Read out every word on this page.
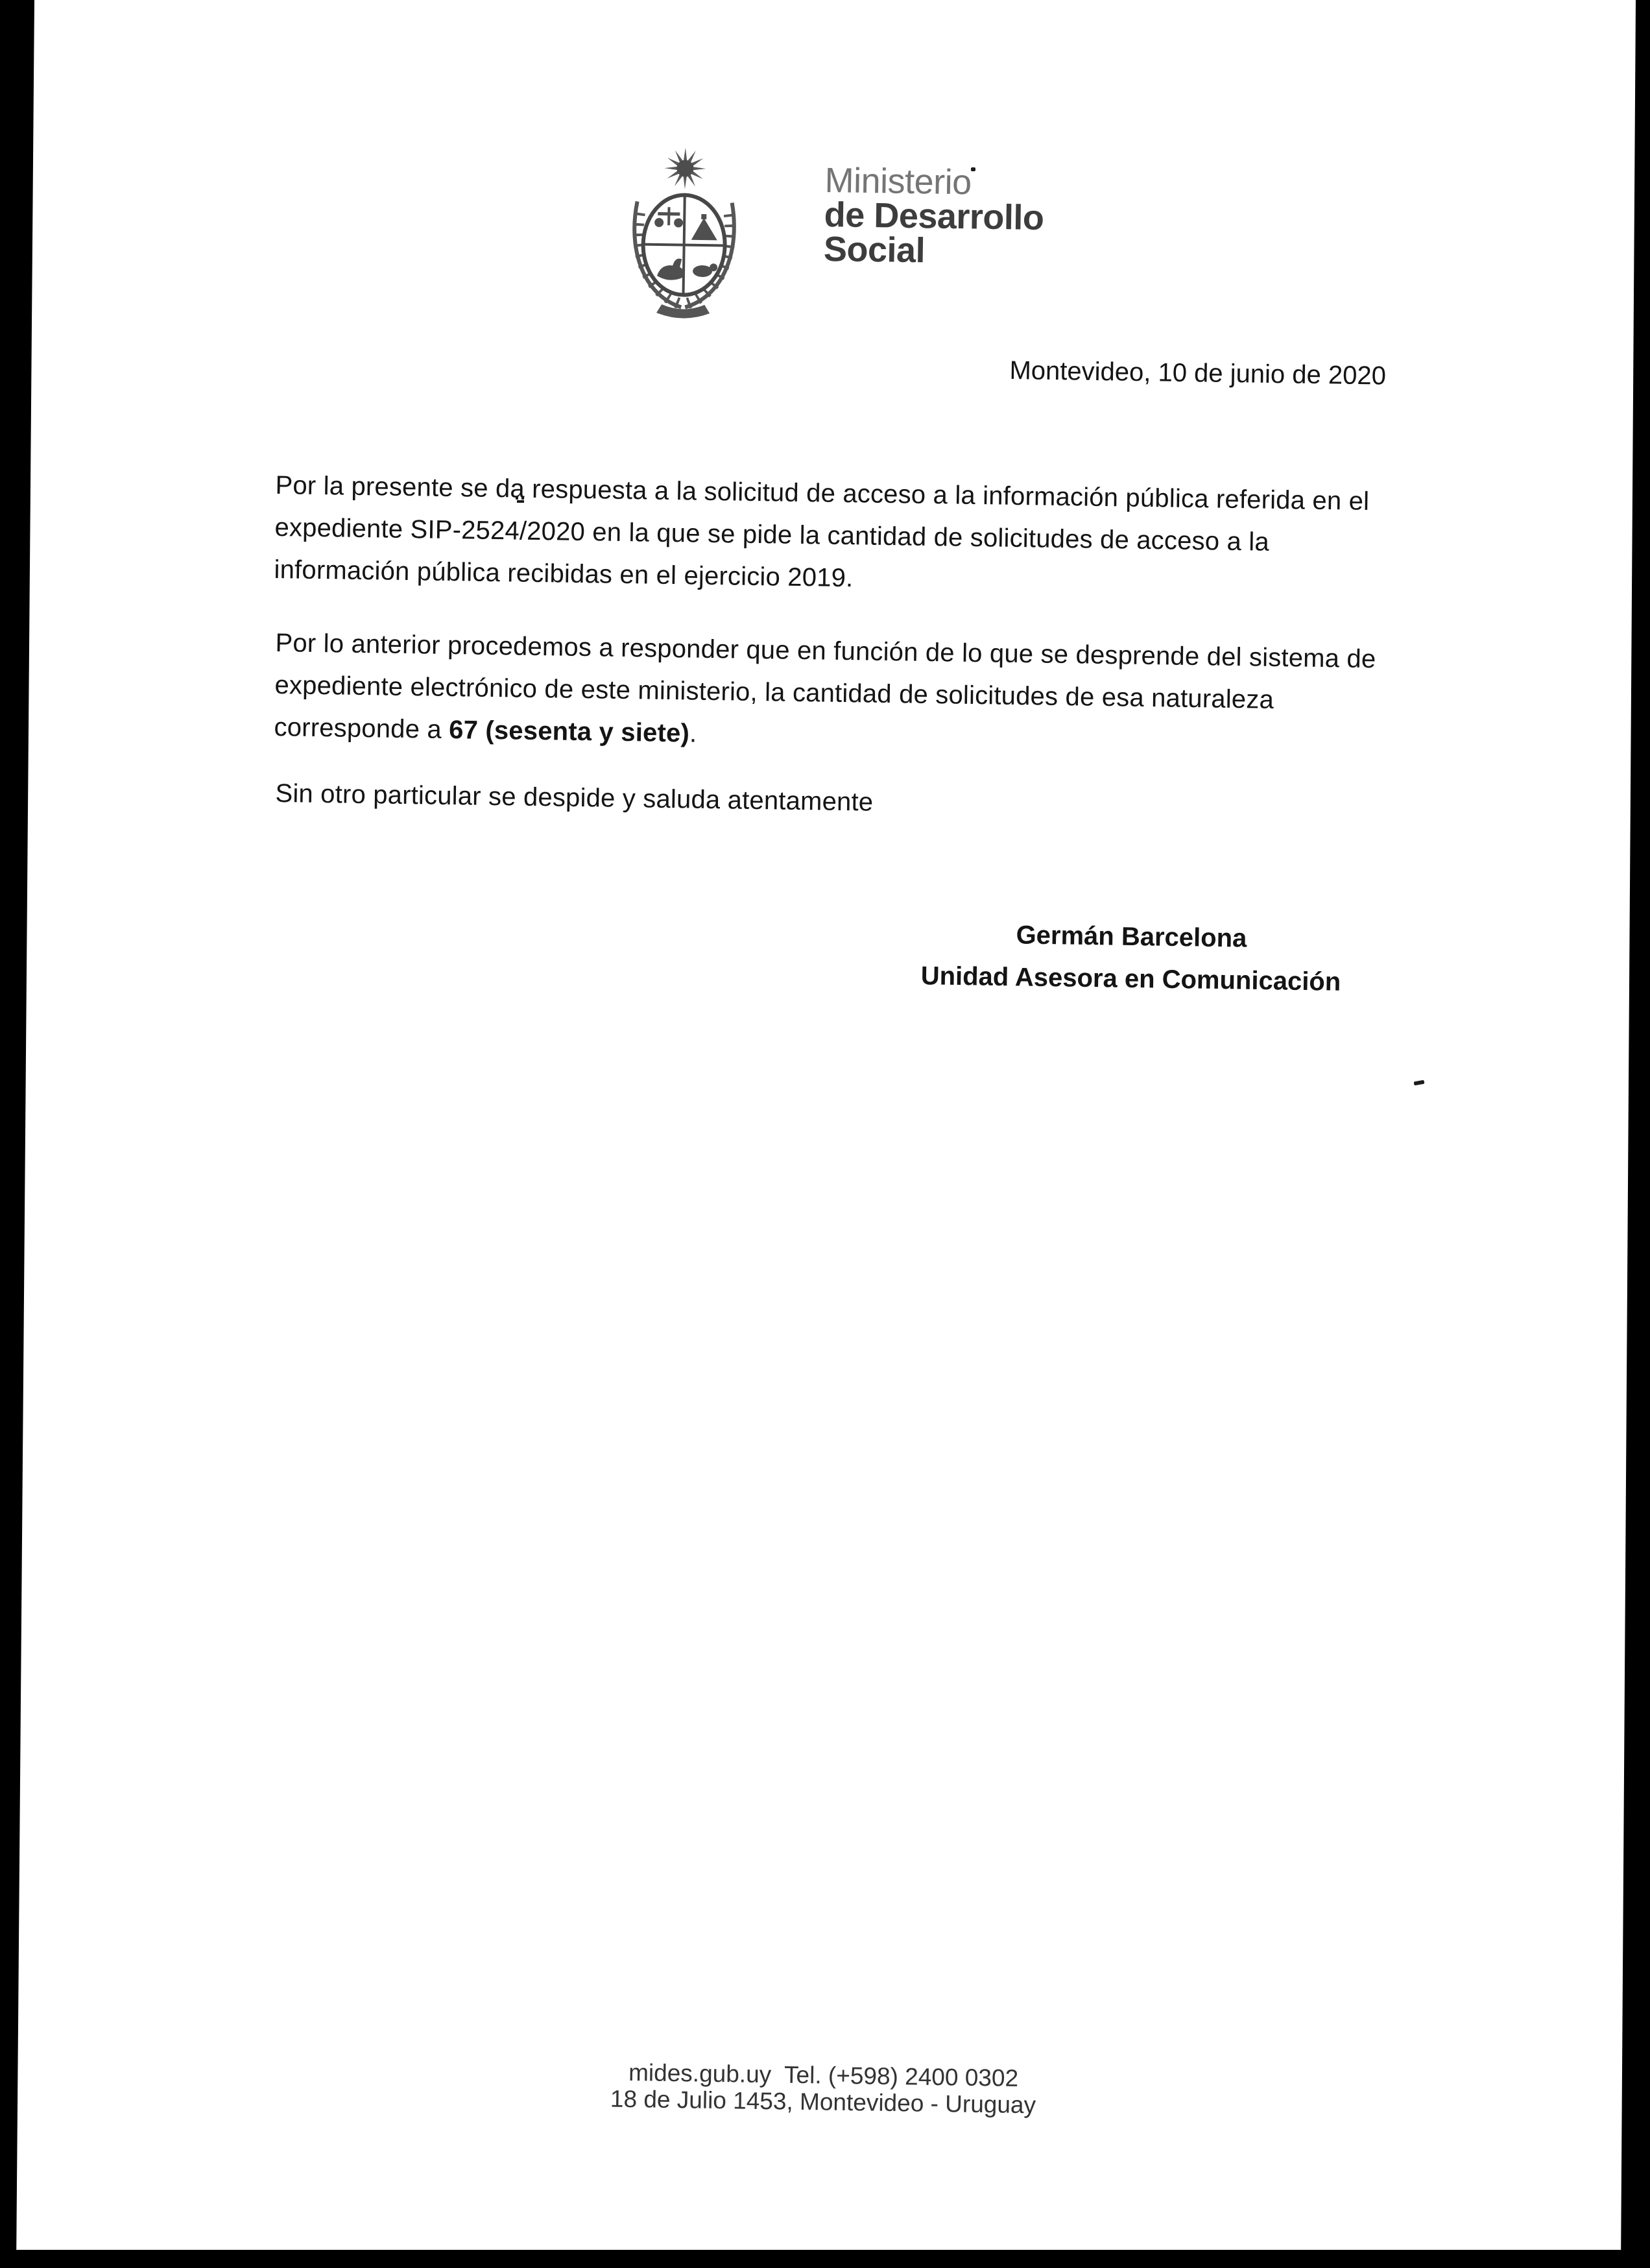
Ministerio
de Desarrollo
Social
Montevideo, 10 de junio de 2020

Por la presente se da respuesta a la solicitud de acceso a la información pública referida en el
expediente SIP-2524/2020 en la que se pide la cantidad de solicitudes de acceso a la
información pública recibidas en el ejercicio 2019.

Por lo anterior procedemos a responder que en función de lo que se desprende del sistema de
expediente electrónico de este ministerio, la cantidad de solicitudes de esa naturaleza
corresponde a 67 (sesenta y siete).

Sin otro particular se despide y saluda atentamente

Germán Barcelona
Unidad Asesora en Comunicación
mides.gub.uy  Tel. (+598) 2400 0302
18 de Julio 1453, Montevideo - Uruguay
